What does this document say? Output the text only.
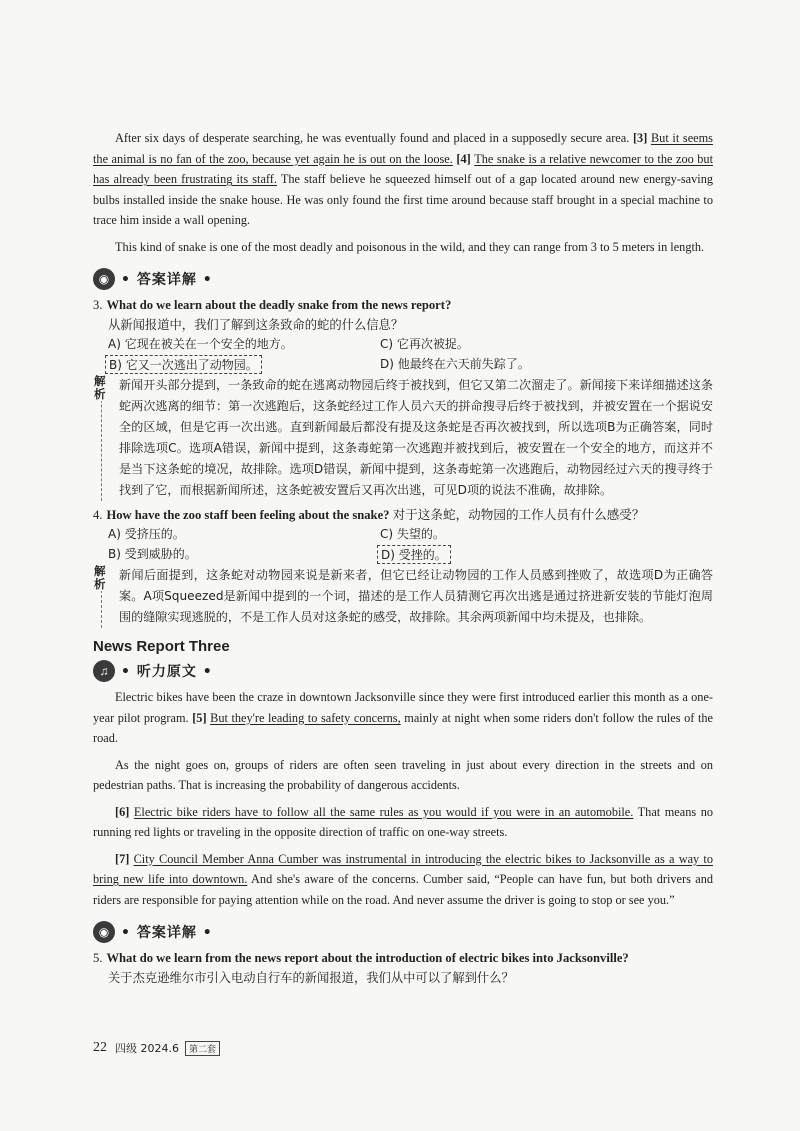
After six days of desperate searching, he was eventually found and placed in a supposedly secure area. [3] But it seems the animal is no fan of the zoo, because yet again he is out on the loose. [4] The snake is a relative newcomer to the zoo but has already been frustrating its staff. The staff believe he squeezed himself out of a gap located around new energy-saving bulbs installed inside the snake house. He was only found the first time around because staff brought in a special machine to trace him inside a wall opening.

This kind of snake is one of the most deadly and poisonous in the wild, and they can range from 3 to 5 meters in length.

◉ • 答案详解 •
3. What do we learn about the deadly snake from the news report?
从新闻报道中，我们了解到这条致命的蛇的什么信息？
A) 它现在被关在一个安全的地方。	C) 它再次被捉。
B) 它又一次逃出了动物园。	D) 他最终在六天前失踪了。
解析
新闻开头部分提到，一条致命的蛇在逃离动物园后终于被找到，但它又第二次溜走了。新闻接下来详细描述这条蛇两次逃离的细节：第一次逃跑后，这条蛇经过工作人员六天的拼命搜寻后终于被找到，并被安置在一个据说安全的区域，但是它再一次出逃。直到新闻最后都没有提及这条蛇是否再次被找到，所以选项B为正确答案，同时排除选项C。选项A错误，新闻中提到，这条毒蛇第一次逃跑并被找到后，被安置在一个安全的地方，而这并不是当下这条蛇的境况，故排除。选项D错误，新闻中提到，这条毒蛇第一次逃跑后，动物园经过六天的搜寻终于找到了它，而根据新闻所述，这条蛇被安置后又再次出逃，可见D项的说法不准确，故排除。
4. How have the zoo staff been feeling about the snake? 对于这条蛇，动物园的工作人员有什么感受？
A) 受挤压的。	C) 失望的。
B) 受到威胁的。	D) 受挫的。
解析
新闻后面提到，这条蛇对动物园来说是新来者，但它已经让动物园的工作人员感到挫败了，故选项D为正确答案。A项Squeezed是新闻中提到的一个词，描述的是工作人员猜测它再次出逃是通过挤进新安装的节能灯泡周围的缝隙实现逃脱的，不是工作人员对这条蛇的感受，故排除。其余两项新闻中均未提及，也排除。
News Report Three
♫ • 听力原文 •

Electric bikes have been the craze in downtown Jacksonville since they were first introduced earlier this month as a one-year pilot program. [5] But they're leading to safety concerns, mainly at night when some riders don't follow the rules of the road.

As the night goes on, groups of riders are often seen traveling in just about every direction in the streets and on pedestrian paths. That is increasing the probability of dangerous accidents.

[6] Electric bike riders have to follow all the same rules as you would if you were in an automobile. That means no running red lights or traveling in the opposite direction of traffic on one-way streets.

[7] City Council Member Anna Cumber was instrumental in introducing the electric bikes to Jacksonville as a way to bring new life into downtown. And she's aware of the concerns. Cumber said, “People can have fun, but both drivers and riders are responsible for paying attention while on the road. And never assume the driver is going to stop or see you.”

◉ • 答案详解 •
5. What do we learn from the news report about the introduction of electric bikes into Jacksonville?
关于杰克逊维尔市引入电动自行车的新闻报道，我们从中可以了解到什么？
22 四级 2024.6	第二套
